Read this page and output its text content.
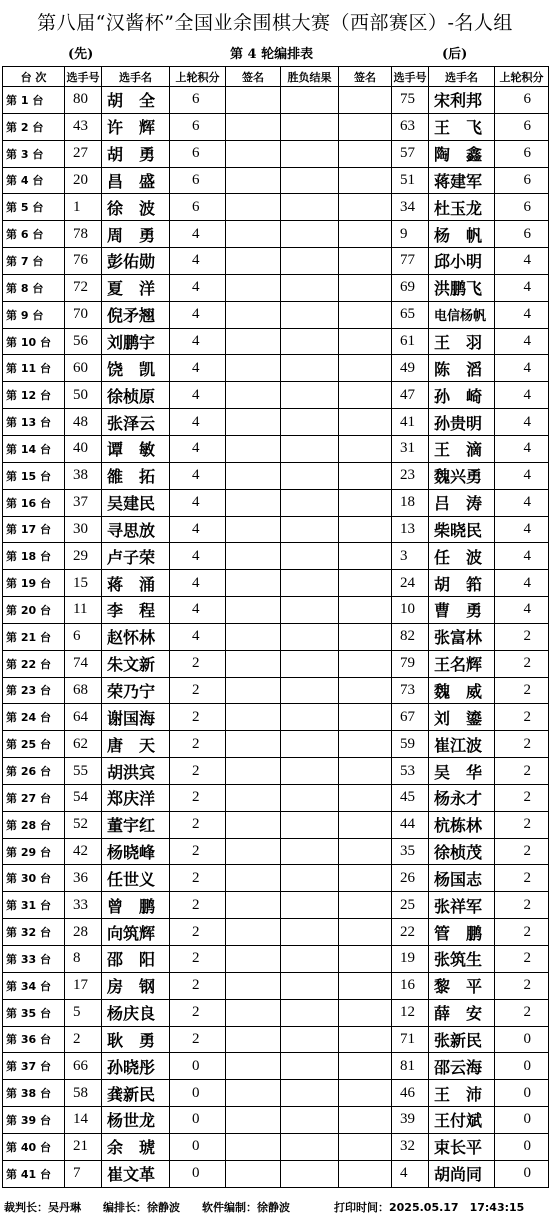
第八届“汉酱杯”全国业余围棋大赛（西部赛区）-名人组
(先)	第 4 轮编排表	(后)
台 次	选手号	选手名	上轮积分	签名	胜负结果	签名	选手号	选手名	上轮积分
第 1 台	80	胡　全	6				75	宋利邦	6
第 2 台	43	许　辉	6				63	王　飞	6
第 3 台	27	胡　勇	6				57	陶　鑫	6
第 4 台	20	昌　盛	6				51	蒋建军	6
第 5 台	1	徐　波	6				34	杜玉龙	6
第 6 台	78	周　勇	4				9	杨　帆	6
第 7 台	76	彭佑勋	4				77	邱小明	4
第 8 台	72	夏　洋	4				69	洪鹏飞	4
第 9 台	70	倪矛翘	4				65	电信杨帆	4
第 10 台	56	刘鹏宇	4				61	王　羽	4
第 11 台	60	饶　凯	4				49	陈　滔	4
第 12 台	50	徐桢原	4				47	孙　崎	4
第 13 台	48	张泽云	4				41	孙贵明	4
第 14 台	40	谭　敏	4				31	王　滴	4
第 15 台	38	雒　拓	4				23	魏兴勇	4
第 16 台	37	吴建民	4				18	吕　涛	4
第 17 台	30	寻思放	4				13	柴晓民	4
第 18 台	29	卢子荣	4				3	任　波	4
第 19 台	15	蒋　涌	4				24	胡　筘	4
第 20 台	11	李　程	4				10	曹　勇	4
第 21 台	6	赵怀林	4				82	张富林	2
第 22 台	74	朱文新	2				79	王名辉	2
第 23 台	68	荣乃宁	2				73	魏　威	2
第 24 台	64	谢国海	2				67	刘　鎏	2
第 25 台	62	唐　天	2				59	崔江波	2
第 26 台	55	胡洪宾	2				53	吴　华	2
第 27 台	54	郑庆洋	2				45	杨永才	2
第 28 台	52	董宇红	2				44	杭栋林	2
第 29 台	42	杨晓峰	2				35	徐桢茂	2
第 30 台	36	任世义	2				26	杨国志	2
第 31 台	33	曾　鹏	2				25	张祥军	2
第 32 台	28	向筑辉	2				22	管　鹏	2
第 33 台	8	邵　阳	2				19	张筑生	2
第 34 台	17	房　钢	2				16	黎　平	2
第 35 台	5	杨庆良	2				12	薛　安	2
第 36 台	2	耿　勇	2				71	张新民	0
第 37 台	66	孙晓彤	0				81	邵云海	0
第 38 台	58	龚新民	0				46	王　沛	0
第 39 台	14	杨世龙	0				39	王付斌	0
第 40 台	21	余　琥	0				32	束长平	0
第 41 台	7	崔文革	0				4	胡尚同	0
裁判长：吴丹琳　　编排长：徐静波　　软件编制：徐静波　　　　打印时间：2025.05.17　17:43:15
